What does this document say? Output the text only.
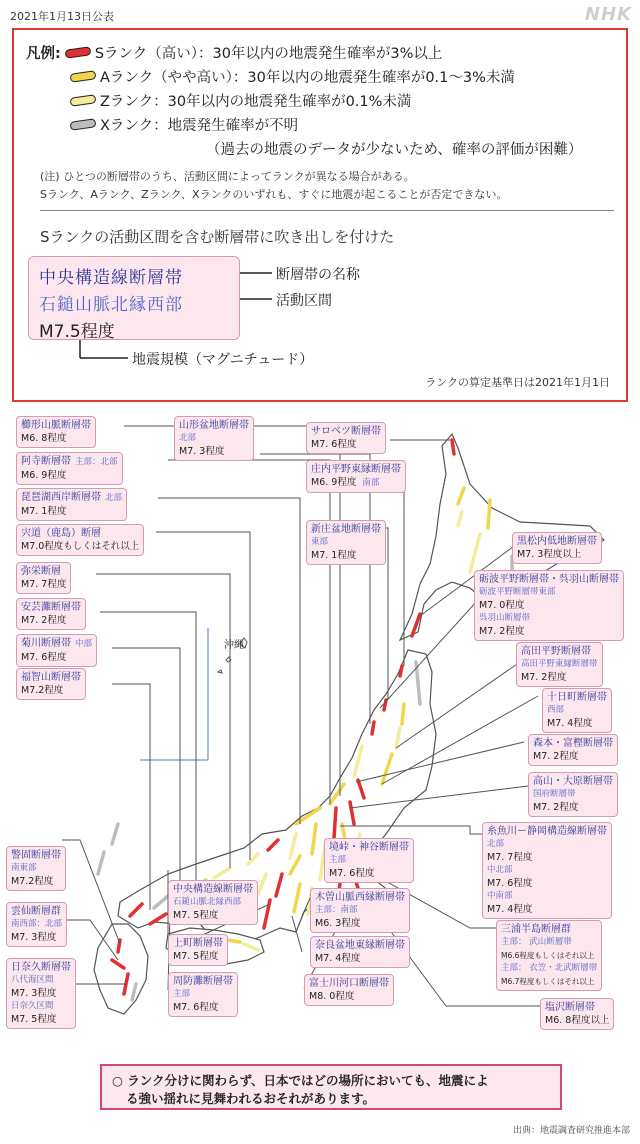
2021年1月13日公表	NHK
凡例: Sランク（高い）：30年以内の地震発生確率が3%以上
Aランク（やや高い）：30年以内の地震発生確率が0.1～3%未満
Zランク：30年以内の地震発生確率が0.1%未満
Xランク：地震発生確率が不明
（過去の地震のデータが少ないため、確率の評価が困難）
(注) ひとつの断層帯のうち、活動区間によってランクが異なる場合がある。
Sランク、Aランク、Zランク、Xランクのいずれも、すぐに地震が起こることが否定できない。
Sランクの活動区間を含む断層帯に吹き出しを付けた
中央構造線断層帯
石鎚山脈北縁西部
M7.5程度
断層帯の名称
活動区間
地震規模（マグニチュード）
ランクの算定基準日は2021年1月1日
沖縄
櫛形山脈断層帯
M6. 8程度
阿寺断層帯 主部：北部
M6. 9程度
琵琶湖西岸断層帯 北部
M7. 1程度
宍道（鹿島）断層
M7.0程度もしくはそれ以上
弥栄断層
M7. 7程度
安芸灘断層帯
M7. 2程度
菊川断層帯 中部
M7. 6程度
福智山断層帯
M7.2程度
山形盆地断層帯
北部
M7. 3程度
サロベツ断層帯
M7. 6程度
庄内平野東縁断層帯
M6. 9程度 南部
新庄盆地断層帯
東部
M7. 1程度
黒松内低地断層帯
M7. 3程度以上
砺波平野断層帯・呉羽山断層帯
砺波平野断層帯東部
M7. 0程度
呉羽山断層帯
M7. 2程度
高田平野断層帯
高田平野東縁断層帯
M7. 2程度
十日町断層帯
西部
M7. 4程度
森本・富樫断層帯
M7. 2程度
高山・大原断層帯
国府断層帯
M7. 2程度
糸魚川ー静岡構造線断層帯
北部
M7. 7程度
中北部
M7. 6程度
中南部
M7. 4程度
三浦半島断層群
主部： 武山断層帯
M6.6程度もしくはそれ以上
主部： 衣笠・北武断層帯
M6.7程度もしくはそれ以上
塩沢断層帯
M6. 8程度以上
警固断層帯
南東部
M7.2程度
雲仙断層群
南西部：北部
M7. 3程度
日奈久断層帯
八代海区間
M7. 3程度
日奈久区間
M7. 5程度
中央構造線断層帯
石鎚山脈北縁西部
M7. 5程度
上町断層帯
M7. 5程度
周防灘断層帯
主部
M7. 6程度
境峠・神谷断層帯
主部
M7. 6程度
木曽山脈西縁断層帯
主部：南部
M6. 3程度
奈良盆地東縁断層帯
M7. 4程度
富士川河口断層帯
M8. 0程度
○ ランク分けに関わらず、日本ではどの場所においても、地震によ
る強い揺れに見舞われるおそれがあります。
出典：地震調査研究推進本部
